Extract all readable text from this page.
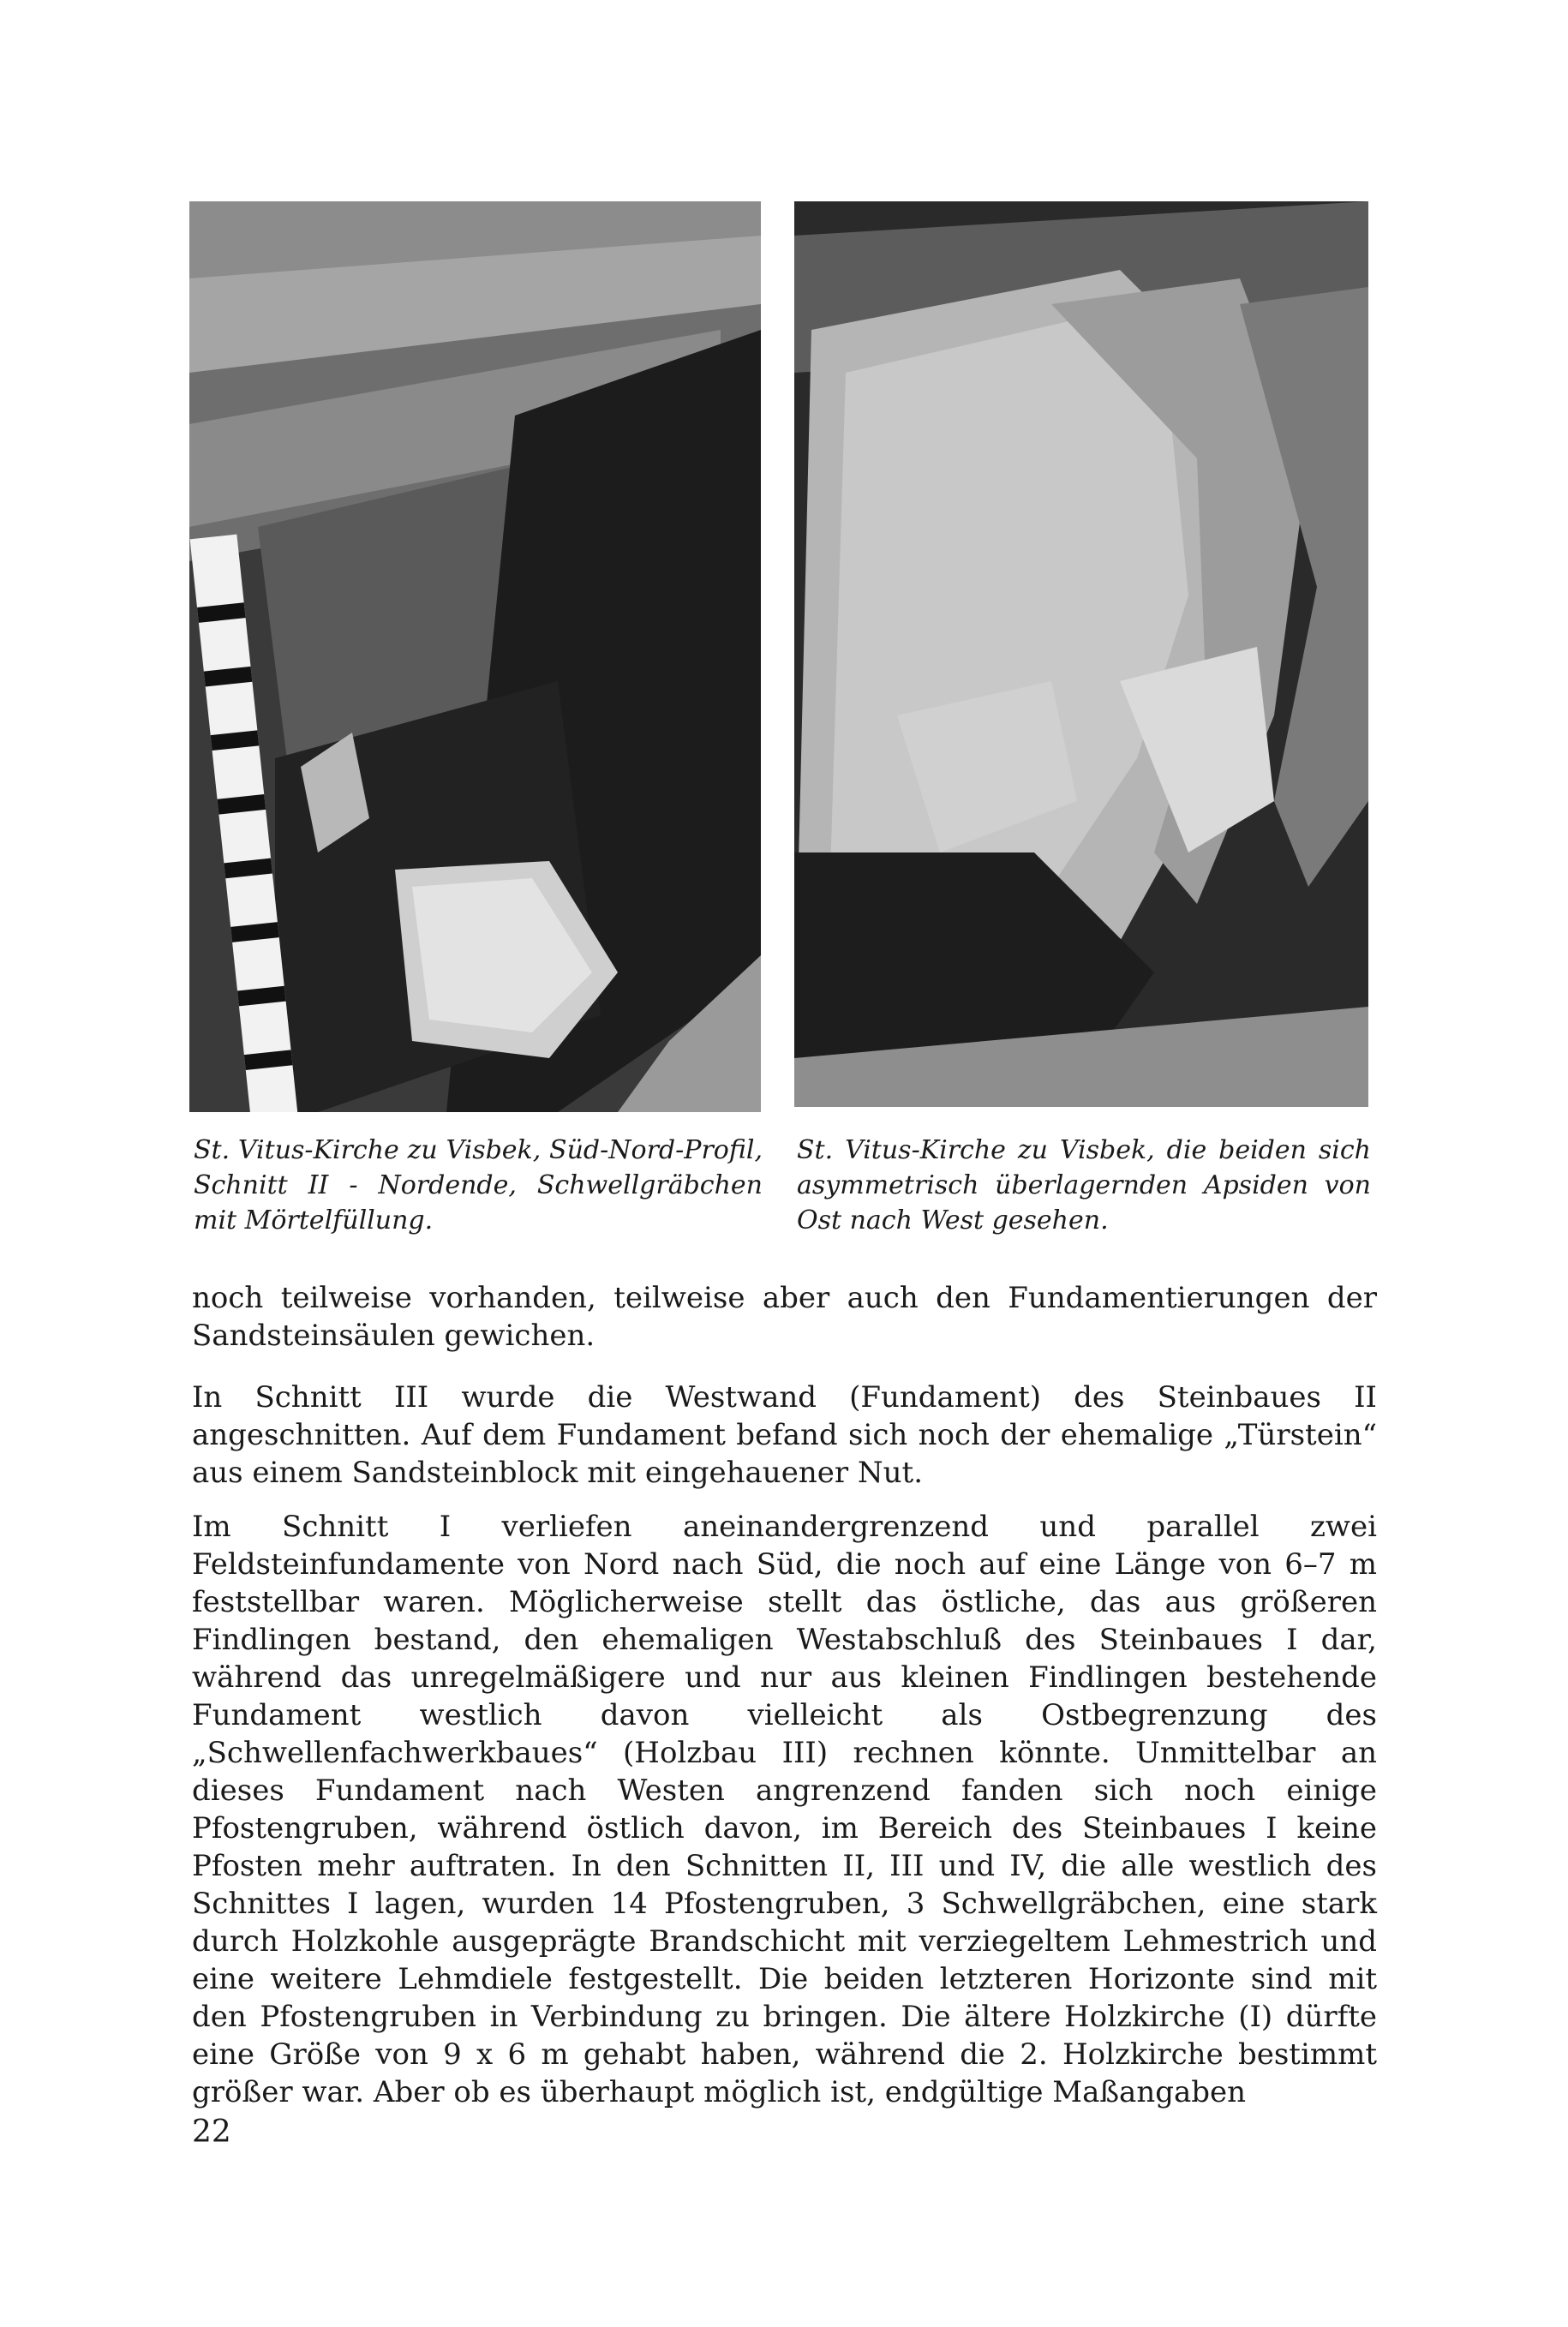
St. Vitus-Kirche zu Visbek, Süd-Nord-Profil, Schnitt II - Nordende, Schwellgräbchen mit Mörtelfüllung.
St. Vitus-Kirche zu Visbek, die beiden sich asymmetrisch überlagernden Apsiden von Ost nach West gesehen.

noch teilweise vorhanden, teilweise aber auch den Fundamentierungen der Sandsteinsäulen gewichen.

In Schnitt III wurde die Westwand (Fundament) des Steinbaues II angeschnitten. Auf dem Fundament befand sich noch der ehemalige „Türstein“ aus einem Sandsteinblock mit eingehauener Nut.

Im Schnitt I verliefen aneinandergrenzend und parallel zwei Feldsteinfundamente von Nord nach Süd, die noch auf eine Länge von 6–7 m feststellbar waren. Möglicherweise stellt das östliche, das aus größeren Findlingen bestand, den ehemaligen Westabschluß des Steinbaues I dar, während das unregelmäßigere und nur aus kleinen Findlingen bestehende Fundament westlich davon vielleicht als Ostbegrenzung des „Schwellenfachwerkbaues“ (Holzbau III) rechnen könnte. Unmittelbar an dieses Fundament nach Westen angrenzend fanden sich noch einige Pfostengruben, während östlich davon, im Bereich des Steinbaues I keine Pfosten mehr auftraten. In den Schnitten II, III und IV, die alle westlich des Schnittes I lagen, wurden 14 Pfostengruben, 3 Schwellgräbchen, eine stark durch Holzkohle ausgeprägte Brandschicht mit verziegeltem Lehmestrich und eine weitere Lehmdiele festgestellt. Die beiden letzteren Horizonte sind mit den Pfostengruben in Verbindung zu bringen. Die ältere Holzkirche (I) dürfte eine Größe von 9 x 6 m gehabt haben, während die 2. Holzkirche bestimmt größer war. Aber ob es überhaupt möglich ist, endgültige Maßangaben

22
